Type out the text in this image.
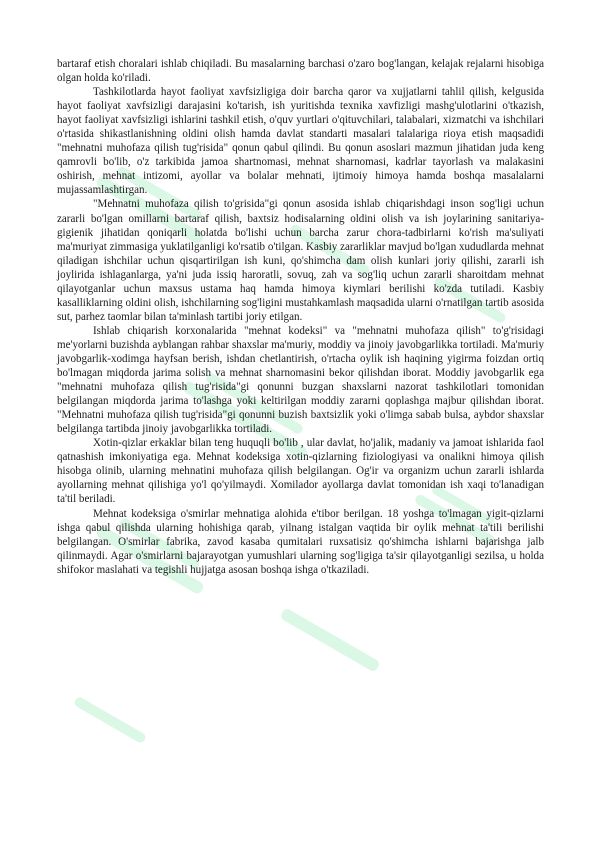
bartaraf etish choralari ishlab chiqiladi. Bu masalarning barchasi o'zaro bog'langan, kelajak rejalarni hisobiga olgan holda ko'riladi.

Tashkilotlarda hayot faoliyat xavfsizligiga doir barcha qaror va xujjatlarni tahlil qilish, kelgusida hayot faoliyat xavfsizligi darajasini ko'tarish, ish yuritishda texnika xavfizligi mashg'ulotlarini o'tkazish, hayot faoliyat xavfsizligi ishlarini tashkil etish, o'quv yurtlari o'qituvchilari, talabalari, xizmatchi va ishchilari o'rtasida shikastlanishning oldini olish hamda davlat standarti masalari talalariga rioya etish maqsadidi "mehnatni muhofaza qilish tug'risida" qonun qabul qilindi. Bu qonun asoslari mazmun jihatidan juda keng qamrovli bo'lib, o'z tarkibida jamoa shartnomasi, mehnat sharnomasi, kadrlar tayorlash va malakasini oshirish, mehnat intizomi, ayollar va bolalar mehnati, ijtimoiy himoya hamda boshqa masalalarni mujassamlashtirgan.

"Mehnatni muhofaza qilish to'grisida"gi qonun asosida ishlab chiqarishdagi inson sog'ligi uchun zararli bo'lgan omillarni bartaraf qilish, baxtsiz hodisalarning oldini olish va ish joylarining sanitariya-gigienik jihatidan qoniqarli holatda bo'lishi uchun barcha zarur chora-tadbirlarni ko'rish ma'suliyati ma'muriyat zimmasiga yuklatilganligi ko'rsatib o'tilgan. Kasbiy zararliklar mavjud bo'lgan xududlarda mehnat qiladigan ishchilar uchun qisqartirilgan ish kuni, qo'shimcha dam olish kunlari joriy qilishi, zararli ish joylirida ishlaganlarga, ya'ni juda issiq haroratli, sovuq, zah va sog'liq uchun zararli sharoitdam mehnat qilayotganlar uchun maxsus ustama haq hamda himoya kiymlari berilishi ko'zda tutiladi. Kasbiy kasalliklarning oldini olish, ishchilarning sog'ligini mustahkamlash maqsadida ularni o'rnatilgan tartib asosida sut, parhez taomlar bilan ta'minlash tartibi joriy etilgan.

Ishlab chiqarish korxonalarida "mehnat kodeksi" va "mehnatni muhofaza qilish" to'g'risidagi me'yorlarni buzishda ayblangan rahbar shaxslar ma'muriy, moddiy va jinoiy javobgarlikka tortiladi. Ma'muriy javobgarlik-xodimga hayfsan berish, ishdan chetlantirish, o'rtacha oylik ish haqining yigirma foizdan ortiq bo'lmagan miqdorda jarima solish va mehnat sharnomasini bekor qilishdan iborat. Moddiy javobgarlik ega "mehnatni muhofaza qilish tug'risida"gi qonunni buzgan shaxslarni nazorat tashkilotlari tomonidan belgilangan miqdorda jarima to'lashga yoki keltirilgan moddiy zararni qoplashga majbur qilishdan iborat. "Mehnatni muhofaza qilish tug'risida"gi qonunni buzish baxtsizlik yoki o'limga sabab bulsa, aybdor shaxslar belgilanga tartibda jinoiy javobgarlikka tortiladi.

Xotin-qizlar erkaklar bilan teng huquqli bo'lib , ular davlat, ho'jalik, madaniy va jamoat ishlarida faol qatnashish imkoniyatiga ega. Mehnat kodeksiga xotin-qizlarning fiziologiyasi va onalikni himoya qilish hisobga olinib, ularning mehnatini muhofaza qilish belgilangan. Og'ir va organizm uchun zararli ishlarda ayollarning mehnat qilishiga yo'l qo'yilmaydi. Xomilador ayollarga davlat tomonidan ish xaqi to'lanadigan ta'til beriladi.

Mehnat kodeksiga o'smirlar mehnatiga alohida e'tibor berilgan. 18 yoshga to'lmagan yigit-qizlarni ishga qabul qilishda ularning hohishiga qarab, yilnang istalgan vaqtida bir oylik mehnat ta'tili berilishi belgilangan. O'smirlar fabrika, zavod kasaba qumitalari ruxsatisiz qo'shimcha ishlarni bajarishga jalb qilinmaydi. Agar o'smirlarni bajarayotgan yumushlari ularning sog'ligiga ta'sir qilayotganligi sezilsa, u holda shifokor maslahati va tegishli hujjatga asosan boshqa ishga o'tkaziladi.
